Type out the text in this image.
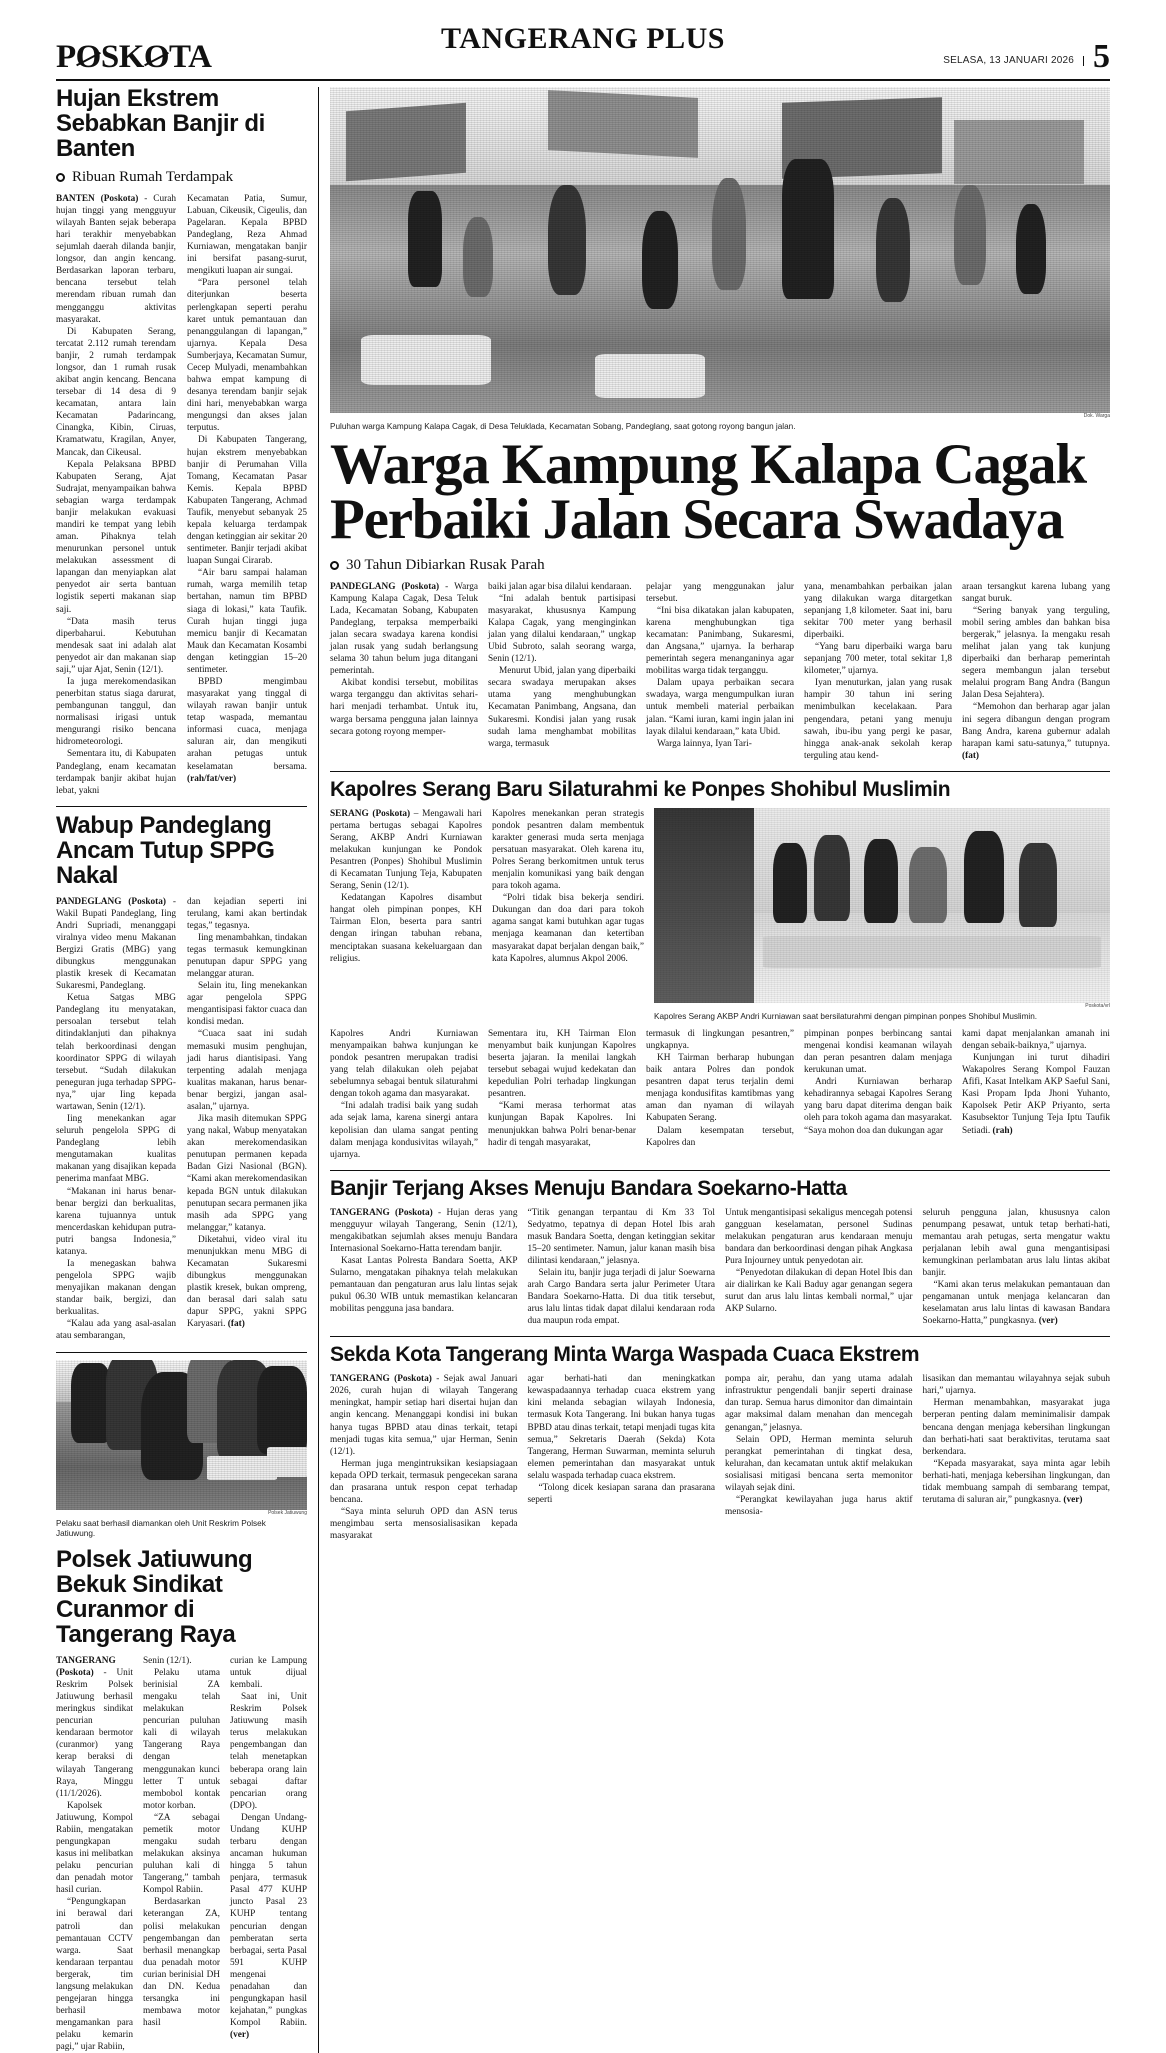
POSKOTA
TANGERANG PLUS
SELASA, 13 JANUARI 2026 5
Hujan Ekstrem Sebabkan Banjir di Banten
Ribuan Rumah Terdampak

BANTEN (Poskota) - Curah hujan tinggi yang mengguyur wilayah Banten sejak beberapa hari terakhir menyebabkan sejumlah daerah dilanda banjir, longsor, dan angin kencang. Berdasarkan laporan terbaru, bencana tersebut telah merendam ribuan rumah dan mengganggu aktivitas masyarakat.

Di Kabupaten Serang, tercatat 2.112 rumah terendam banjir, 2 rumah terdampak longsor, dan 1 rumah rusak akibat angin kencang. Bencana tersebar di 14 desa di 9 kecamatan, antara lain Kecamatan Padarincang, Cinangka, Kibin, Ciruas, Kramatwatu, Kragilan, Anyer, Mancak, dan Cikeusal.

Kepala Pelaksana BPBD Kabupaten Serang, Ajat Sudrajat, menyampaikan bahwa sebagian warga terdampak banjir melakukan evakuasi mandiri ke tempat yang lebih aman. Pihaknya telah menurunkan personel untuk melakukan assessment di lapangan dan menyiapkan alat penyedot air serta bantuan logistik seperti makanan siap saji.

“Data masih terus diperbaharui. Kebutuhan mendesak saat ini adalah alat penyedot air dan makanan siap saji,” ujar Ajat, Senin (12/1).

Ia juga merekomendasikan penerbitan status siaga darurat, pembangunan tanggul, dan normalisasi irigasi untuk mengurangi risiko bencana hidrometeorologi.

Sementara itu, di Kabupaten Pandeglang, enam kecamatan terdampak banjir akibat hujan lebat, yakni

Kecamatan Patia, Sumur, Labuan, Cikeusik, Cigeulis, dan Pagelaran. Kepala BPBD Pandeglang, Reza Ahmad Kurniawan, mengatakan banjir ini bersifat pasang-surut, mengikuti luapan air sungai.

“Para personel telah diterjunkan beserta perlengkapan seperti perahu karet untuk pemantauan dan penanggulangan di lapangan,” ujarnya. Kepala Desa Sumberjaya, Kecamatan Sumur, Cecep Mulyadi, menambahkan bahwa empat kampung di desanya terendam banjir sejak dini hari, menyebabkan warga mengungsi dan akses jalan terputus.

Di Kabupaten Tangerang, hujan ekstrem menyebabkan banjir di Perumahan Villa Tomang, Kecamatan Pasar Kemis. Kepala BPBD Kabupaten Tangerang, Achmad Taufik, menyebut sebanyak 25 kepala keluarga terdampak dengan ketinggian air sekitar 20 sentimeter. Banjir terjadi akibat luapan Sungai Cirarab.

“Air baru sampai halaman rumah, warga memilih tetap bertahan, namun tim BPBD siaga di lokasi,” kata Taufik. Curah hujan tinggi juga memicu banjir di Kecamatan Mauk dan Kecamatan Kosambi dengan ketinggian 15–20 sentimeter.

BPBD mengimbau masyarakat yang tinggal di wilayah rawan banjir untuk tetap waspada, memantau informasi cuaca, menjaga saluran air, dan mengikuti arahan petugas untuk keselamatan bersama. (rah/fat/ver)

Wabup Pandeglang Ancam Tutup SPPG Nakal

PANDEGLANG (Poskota) - Wakil Bupati Pandeglang, Iing Andri Supriadi, menanggapi viralnya video menu Makanan Bergizi Gratis (MBG) yang dibungkus menggunakan plastik kresek di Kecamatan Sukaresmi, Pandeglang.

Ketua Satgas MBG Pandeglang itu menyatakan, persoalan tersebut telah ditindaklanjuti dan pihaknya telah berkoordinasi dengan koordinator SPPG di wilayah tersebut. “Sudah dilakukan peneguran juga terhadap SPPG-nya,” ujar Iing kepada wartawan, Senin (12/1).

Iing menekankan agar seluruh pengelola SPPG di Pandeglang lebih mengutamakan kualitas makanan yang disajikan kepada penerima manfaat MBG.

“Makanan ini harus benar-benar bergizi dan berkualitas, karena tujuannya untuk mencerdaskan kehidupan putra-putri bangsa Indonesia,” katanya.

Ia menegaskan bahwa pengelola SPPG wajib menyajikan makanan dengan standar baik, bergizi, dan berkualitas.

“Kalau ada yang asal-asalan atau sembarangan,

dan kejadian seperti ini terulang, kami akan bertindak tegas,” tegasnya.

Iing menambahkan, tindakan tegas termasuk kemungkinan penutupan dapur SPPG yang melanggar aturan.

Selain itu, Iing menekankan agar pengelola SPPG mengantisipasi faktor cuaca dan kondisi medan.

“Cuaca saat ini sudah memasuki musim penghujan, jadi harus diantisipasi. Yang terpenting adalah menjaga kualitas makanan, harus benar-benar bergizi, jangan asal-asalan,” ujarnya.

Jika masih ditemukan SPPG yang nakal, Wabup menyatakan akan merekomendasikan penutupan permanen kepada Badan Gizi Nasional (BGN). “Kami akan merekomendasikan kepada BGN untuk dilakukan penutupan secara permanen jika masih ada SPPG yang melanggar,” katanya.

Diketahui, video viral itu menunjukkan menu MBG di Kecamatan Sukaresmi dibungkus menggunakan plastik kresek, bukan ompreng, dan berasal dari salah satu dapur SPPG, yakni SPPG Karyasari. (fat)

Polsek Jatiuwung
Pelaku saat berhasil diamankan oleh Unit Reskrim Polsek Jatiuwung.
Polsek Jatiuwung Bekuk Sindikat Curanmor di Tangerang Raya

TANGERANG (Poskota) - Unit Reskrim Polsek Jatiuwung berhasil meringkus sindikat pencurian kendaraan bermotor (curanmor) yang kerap beraksi di wilayah Tangerang Raya, Minggu (11/1/2026).

Kapolsek Jatiuwung, Kompol Rabiin, mengatakan pengungkapan kasus ini melibatkan pelaku pencurian dan penadah motor hasil curian.

“Pengungkapan ini berawal dari patroli dan pemantauan CCTV warga. Saat kendaraan terpantau bergerak, tim langsung melakukan pengejaran hingga berhasil mengamankan para pelaku kemarin pagi,” ujar Rabiin,

Senin (12/1).

Pelaku utama berinisial ZA mengaku telah melakukan pencurian puluhan kali di wilayah Tangerang Raya dengan menggunakan kunci letter T untuk membobol kontak motor korban.

“ZA sebagai pemetik motor mengaku sudah melakukan aksinya puluhan kali di Tangerang,” tambah Kompol Rabiin.

Berdasarkan keterangan ZA, polisi melakukan pengembangan dan berhasil menangkap dua penadah motor curian berinisial DH dan DN. Kedua tersangka ini membawa motor hasil

curian ke Lampung untuk dijual kembali.

Saat ini, Unit Reskrim Polsek Jatiuwung masih terus melakukan pengembangan dan telah menetapkan beberapa orang lain sebagai daftar pencarian orang (DPO).

Dengan Undang-Undang KUHP terbaru dengan ancaman hukuman hingga 5 tahun penjara, termasuk Pasal 477 KUHP juncto Pasal 23 KUHP tentang pencurian dengan pemberatan serta berbagai, serta Pasal 591 KUHP mengenai penadahan dan pengungkapan hasil kejahatan,” pungkas Kompol Rabiin. (ver)

Dok. Warga
Puluhan warga Kampung Kalapa Cagak, di Desa Teluklada, Kecamatan Sobang, Pandeglang, saat gotong royong bangun jalan.
Warga Kampung Kalapa Cagak Perbaiki Jalan Secara Swadaya
30 Tahun Dibiarkan Rusak Parah

PANDEGLANG (Poskota) - Warga Kampung Kalapa Cagak, Desa Teluk Lada, Kecamatan Sobang, Kabupaten Pandeglang, terpaksa memperbaiki jalan secara swadaya karena kondisi jalan rusak yang sudah berlangsung selama 30 tahun belum juga ditangani pemerintah.

Akibat kondisi tersebut, mobilitas warga terganggu dan aktivitas sehari-hari menjadi terhambat. Untuk itu, warga bersama pengguna jalan lainnya secara gotong royong memper-

baiki jalan agar bisa dilalui kendaraan.

“Ini adalah bentuk partisipasi masyarakat, khususnya Kampung Kalapa Cagak, yang menginginkan jalan yang dilalui kendaraan,” ungkap Ubid Subroto, salah seorang warga, Senin (12/1).

Menurut Ubid, jalan yang diperbaiki secara swadaya merupakan akses utama yang menghubungkan Kecamatan Panimbang, Angsana, dan Sukaresmi. Kondisi jalan yang rusak sudah lama menghambat mobilitas warga, termasuk

pelajar yang menggunakan jalur tersebut.

“Ini bisa dikatakan jalan kabupaten, karena menghubungkan tiga kecamatan: Panimbang, Sukaresmi, dan Angsana,” ujarnya. Ia berharap pemerintah segera menanganinya agar mobilitas warga tidak terganggu.

Dalam upaya perbaikan secara swadaya, warga mengumpulkan iuran untuk membeli material perbaikan jalan. “Kami iuran, kami ingin jalan ini layak dilalui kendaraan,” kata Ubid.

Warga lainnya, Iyan Tari-

yana, menambahkan perbaikan jalan yang dilakukan warga ditargetkan sepanjang 1,8 kilometer. Saat ini, baru sekitar 700 meter yang berhasil diperbaiki.

“Yang baru diperbaiki warga baru sepanjang 700 meter, total sekitar 1,8 kilometer,” ujarnya.

Iyan menuturkan, jalan yang rusak hampir 30 tahun ini sering menimbulkan kecelakaan. Para pengendara, petani yang menuju sawah, ibu-ibu yang pergi ke pasar, hingga anak-anak sekolah kerap terguling atau kend-

araan tersangkut karena lubang yang sangat buruk.

“Sering banyak yang terguling, mobil sering ambles dan bahkan bisa bergerak,” jelasnya. Ia mengaku resah melihat jalan yang tak kunjung diperbaiki dan berharap pemerintah segera membangun jalan tersebut melalui program Bang Andra (Bangun Jalan Desa Sejahtera).

“Memohon dan berharap agar jalan ini segera dibangun dengan program Bang Andra, karena gubernur adalah harapan kami satu-satunya,” tutupnya. (fat)

Kapolres Serang Baru Silaturahmi ke Ponpes Shohibul Muslimin

SERANG (Poskota) – Mengawali hari pertama bertugas sebagai Kapolres Serang, AKBP Andri Kurniawan melakukan kunjungan ke Pondok Pesantren (Ponpes) Shohibul Muslimin di Kecamatan Tunjung Teja, Kabupaten Serang, Senin (12/1).

Kedatangan Kapolres disambut hangat oleh pimpinan ponpes, KH Tairman Elon, beserta para santri dengan iringan tabuhan rebana, menciptakan suasana kekeluargaan dan religius.

Kapolres menekankan peran strategis pondok pesantren dalam membentuk karakter generasi muda serta menjaga persatuan masyarakat. Oleh karena itu, Polres Serang berkomitmen untuk terus menjalin komunikasi yang baik dengan para tokoh agama.

“Polri tidak bisa bekerja sendiri. Dukungan dan doa dari para tokoh agama sangat kami butuhkan agar tugas menjaga keamanan dan ketertiban masyarakat dapat berjalan dengan baik,” kata Kapolres, alumnus Akpol 2006.

Poskota/vrl
Kapolres Serang AKBP Andri Kurniawan saat bersilaturahmi dengan pimpinan ponpes Shohibul Muslimin.

Kapolres Andri Kurniawan menyampaikan bahwa kunjungan ke pondok pesantren merupakan tradisi yang telah dilakukan oleh pejabat sebelumnya sebagai bentuk silaturahmi dengan tokoh agama dan masyarakat.

“Ini adalah tradisi baik yang sudah ada sejak lama, karena sinergi antara kepolisian dan ulama sangat penting dalam menjaga kondusivitas wilayah,” ujarnya.

Sementara itu, KH Tairman Elon menyambut baik kunjungan Kapolres beserta jajaran. Ia menilai langkah tersebut sebagai wujud kedekatan dan kepedulian Polri terhadap lingkungan pesantren.

“Kami merasa terhormat atas kunjungan Bapak Kapolres. Ini menunjukkan bahwa Polri benar-benar hadir di tengah masyarakat,

termasuk di lingkungan pesantren,” ungkapnya.

KH Tairman berharap hubungan baik antara Polres dan pondok pesantren dapat terus terjalin demi menjaga kondusifitas kamtibmas yang aman dan nyaman di wilayah Kabupaten Serang.

Dalam kesempatan tersebut, Kapolres dan

pimpinan ponpes berbincang santai mengenai kondisi keamanan wilayah dan peran pesantren dalam menjaga kerukunan umat.

Andri Kurniawan berharap kehadirannya sebagai Kapolres Serang yang baru dapat diterima dengan baik oleh para tokoh agama dan masyarakat. “Saya mohon doa dan dukungan agar

kami dapat menjalankan amanah ini dengan sebaik-baiknya,” ujarnya.

Kunjungan ini turut dihadiri Wakapolres Serang Kompol Fauzan Afifi, Kasat Intelkam AKP Saeful Sani, Kasi Propam Ipda Jhoni Yuhanto, Kapolsek Petir AKP Priyanto, serta Kasubsektor Tunjung Teja Iptu Taufik Setiadi. (rah)

Banjir Terjang Akses Menuju Bandara Soekarno-Hatta

TANGERANG (Poskota) - Hujan deras yang mengguyur wilayah Tangerang, Senin (12/1), mengakibatkan sejumlah akses menuju Bandara Internasional Soekarno-Hatta terendam banjir.

Kasat Lantas Polresta Bandara Soetta, AKP Sularno, mengatakan pihaknya telah melakukan pemantauan dan pengaturan arus lalu lintas sejak pukul 06.30 WIB untuk memastikan kelancaran mobilitas pengguna jasa bandara.

“Titik genangan terpantau di Km 33 Tol Sedyatmo, tepatnya di depan Hotel Ibis arah masuk Bandara Soetta, dengan ketinggian sekitar 15–20 sentimeter. Namun, jalur kanan masih bisa dilintasi kendaraan,” jelasnya.

Selain itu, banjir juga terjadi di jalur Soewarna arah Cargo Bandara serta jalur Perimeter Utara Bandara Soekarno-Hatta. Di dua titik tersebut, arus lalu lintas tidak dapat dilalui kendaraan roda dua maupun roda empat.

Untuk mengantisipasi sekaligus mencegah potensi gangguan keselamatan, personel Sudinas melakukan pengaturan arus kendaraan menuju bandara dan berkoordinasi dengan pihak Angkasa Pura Injourney untuk penyedotan air.

“Penyedotan dilakukan di depan Hotel Ibis dan air dialirkan ke Kali Baduy agar genangan segera surut dan arus lalu lintas kembali normal,” ujar AKP Sularno.

seluruh pengguna jalan, khususnya calon penumpang pesawat, untuk tetap berhati-hati, memantau arah petugas, serta mengatur waktu perjalanan lebih awal guna mengantisipasi kemungkinan perlambatan arus lalu lintas akibat banjir.

“Kami akan terus melakukan pemantauan dan pengamanan untuk menjaga kelancaran dan keselamatan arus lalu lintas di kawasan Bandara Soekarno-Hatta,” pungkasnya. (ver)

Sekda Kota Tangerang Minta Warga Waspada Cuaca Ekstrem

TANGERANG (Poskota) - Sejak awal Januari 2026, curah hujan di wilayah Tangerang meningkat, hampir setiap hari disertai hujan dan angin kencang. Menanggapi kondisi ini bukan hanya tugas BPBD atau dinas terkait, tetapi menjadi tugas kita semua,” ujar Herman, Senin (12/1).

Herman juga mengintruksikan kesiapsiagaan kepada OPD terkait, termasuk pengecekan sarana dan prasarana untuk respon cepat terhadap bencana.

“Saya minta seluruh OPD dan ASN terus mengimbau serta mensosialisasikan kepada masyarakat

agar berhati-hati dan meningkatkan kewaspadaannya terhadap cuaca ekstrem yang kini melanda sebagian wilayah Indonesia, termasuk Kota Tangerang. Ini bukan hanya tugas BPBD atau dinas terkait, tetapi menjadi tugas kita semua,” Sekretaris Daerah (Sekda) Kota Tangerang, Herman Suwarman, meminta seluruh elemen pemerintahan dan masyarakat untuk selalu waspada terhadap cuaca ekstrem.

“Tolong dicek kesiapan sarana dan prasarana seperti

pompa air, perahu, dan yang utama adalah infrastruktur pengendali banjir seperti drainase dan turap. Semua harus dimonitor dan dimaintain agar maksimal dalam menahan dan mencegah genangan,” jelasnya.

Selain OPD, Herman meminta seluruh perangkat pemerintahan di tingkat desa, kelurahan, dan kecamatan untuk aktif melakukan sosialisasi mitigasi bencana serta memonitor wilayah sejak dini.

“Perangkat kewilayahan juga harus aktif mensosia-

lisasikan dan memantau wilayahnya sejak subuh hari,” ujarnya.

Herman menambahkan, masyarakat juga berperan penting dalam meminimalisir dampak bencana dengan menjaga kebersihan lingkungan dan berhati-hati saat beraktivitas, terutama saat berkendara.

“Kepada masyarakat, saya minta agar lebih berhati-hati, menjaga kebersihan lingkungan, dan tidak membuang sampah di sembarang tempat, terutama di saluran air,” pungkasnya. (ver)
